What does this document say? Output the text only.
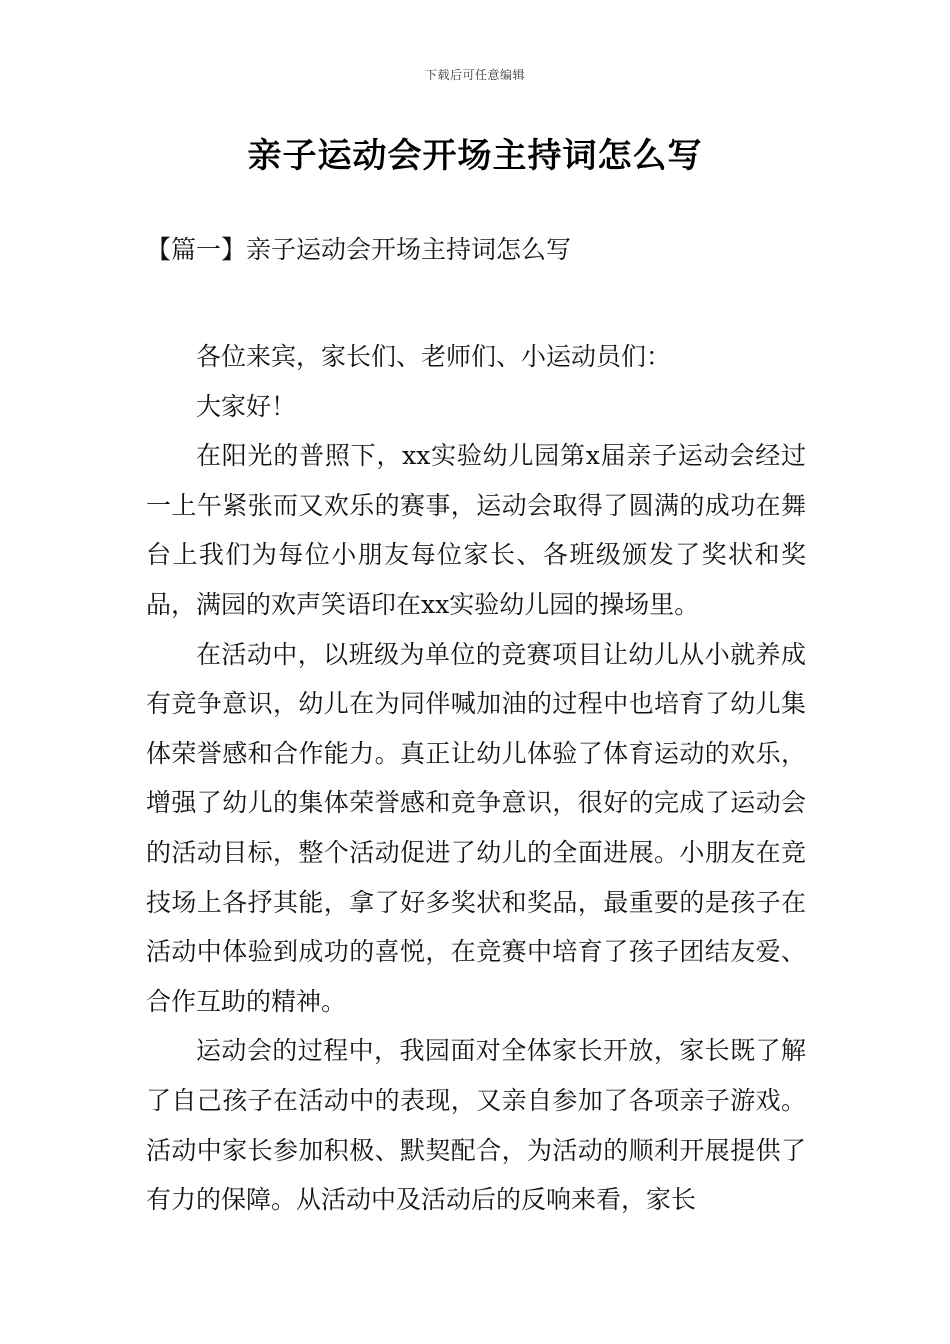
下载后可任意编辑
亲子运动会开场主持词怎么写
【篇一】亲子运动会开场主持词怎么写

各位来宾，家长们、老师们、小运动员们：

大家好！

在阳光的普照下，xx实验幼儿园第x届亲子运动会经过一上午紧张而又欢乐的赛事，运动会取得了圆满的成功在舞台上我们为每位小朋友每位家长、各班级颁发了奖状和奖品，满园的欢声笑语印在xx实验幼儿园的操场里。

在活动中，以班级为单位的竞赛项目让幼儿从小就养成有竞争意识，幼儿在为同伴喊加油的过程中也培育了幼儿集体荣誉感和合作能力。真正让幼儿体验了体育运动的欢乐，增强了幼儿的集体荣誉感和竞争意识，很好的完成了运动会的活动目标，整个活动促进了幼儿的全面进展。小朋友在竞技场上各抒其能，拿了好多奖状和奖品，最重要的是孩子在活动中体验到成功的喜悦，在竞赛中培育了孩子团结友爱、合作互助的精神。

运动会的过程中，我园面对全体家长开放，家长既了解了自己孩子在活动中的表现，又亲自参加了各项亲子游戏。活动中家长参加积极、默契配合，为活动的顺利开展提供了有力的保障。从活动中及活动后的反响来看，家长
